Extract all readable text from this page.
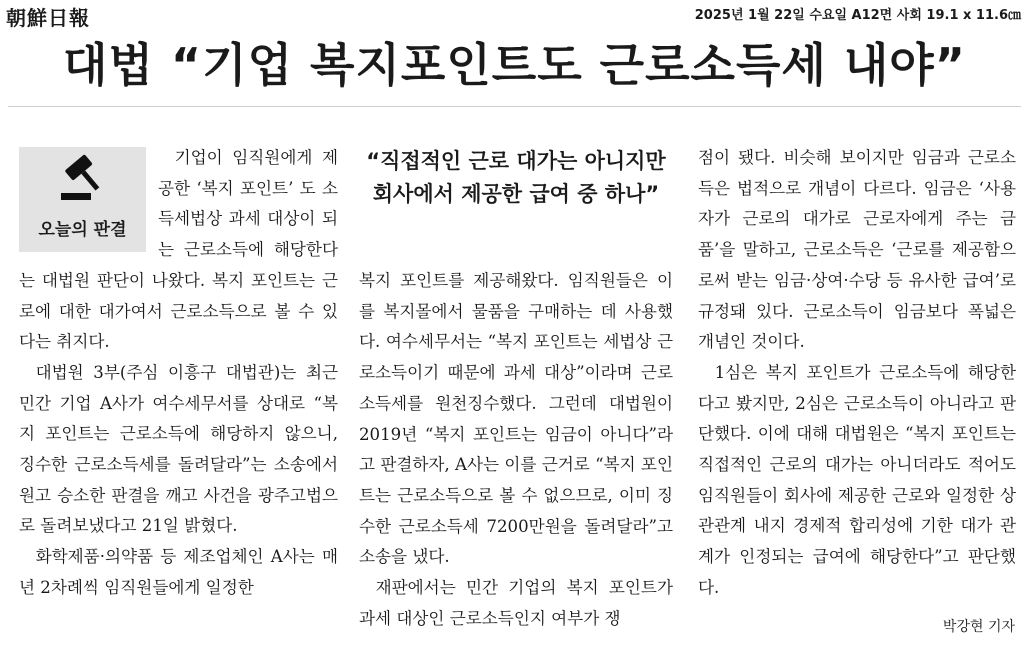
朝鮮日報	2025년 1월 22일 수요일 A12면 사회 19.1 x 11.6㎝
대법 “기업 복지포인트도 근로소득세 내야”
오늘의 판결

기업이 임직원에게 제공한 ‘복지 포인트’ 도 소득세법상 과세 대상이 되는 근로소득에 해당한다는 대법원 판단이 나왔다. 복지 포인트는 근로에 대한 대가여서 근로소득으로 볼 수 있다는 취지다.

대법원 3부(주심 이흥구 대법관)는 최근 민간 기업 A사가 여수세무서를 상대로 “복지 포인트는 근로소득에 해당하지 않으니, 징수한 근로소득세를 돌려달라”는 소송에서 원고 승소한 판결을 깨고 사건을 광주고법으로 돌려보냈다고 21일 밝혔다.

화학제품·의약품 등 제조업체인 A사는 매년 2차례씩 임직원들에게 일정한

“직접적인 근로 대가는 아니지만
회사에서 제공한 급여 중 하나”

복지 포인트를 제공해왔다. 임직원들은 이를 복지몰에서 물품을 구매하는 데 사용했다. 여수세무서는 “복지 포인트는 세법상 근로소득이기 때문에 과세 대상”이라며 근로소득세를 원천징수했다. 그런데 대법원이 2019년 “복지 포인트는 임금이 아니다”라고 판결하자, A사는 이를 근거로 “복지 포인트는 근로소득으로 볼 수 없으므로, 이미 징수한 근로소득세 7200만원을 돌려달라”고 소송을 냈다.

재판에서는 민간 기업의 복지 포인트가 과세 대상인 근로소득인지 여부가 쟁

점이 됐다. 비슷해 보이지만 임금과 근로소득은 법적으로 개념이 다르다. 임금은 ‘사용자가 근로의 대가로 근로자에게 주는 금품’을 말하고, 근로소득은 ‘근로를 제공함으로써 받는 임금·상여·수당 등 유사한 급여’로 규정돼 있다. 근로소득이 임금보다 폭넓은 개념인 것이다.

1심은 복지 포인트가 근로소득에 해당한다고 봤지만, 2심은 근로소득이 아니라고 판단했다. 이에 대해 대법원은 “복지 포인트는 직접적인 근로의 대가는 아니더라도 적어도 임직원들이 회사에 제공한 근로와 일정한 상관관계 내지 경제적 합리성에 기한 대가 관계가 인정되는 급여에 해당한다”고 판단했다.

박강현 기자
